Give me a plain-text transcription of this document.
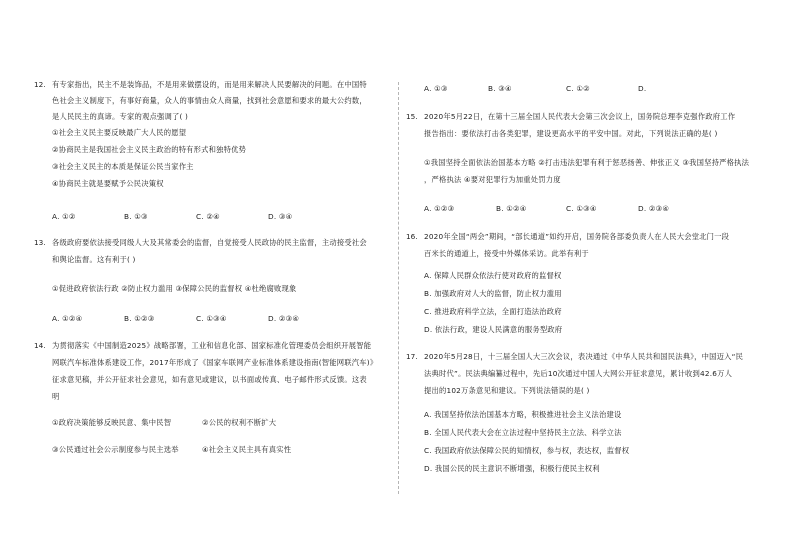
12. 有专家指出，民主不是装饰品，不是用来做摆设的，而是用来解决人民要解决的问题。在中国特
色社会主义制度下，有事好商量，众人的事情由众人商量，找到社会意愿和要求的最大公约数，
是人民民主的真谛。专家的观点强调了( )
①社会主义民主要反映最广大人民的愿望
②协商民主是我国社会主义民主政治的特有形式和独特优势
③社会主义民主的本质是保证公民当家作主
④协商民主就是要赋予公民决策权
A. ①②	B. ①③	C. ②④	D. ③④
13. 各级政府要依法接受同级人大及其常委会的监督，自觉接受人民政协的民主监督，主动接受社会
和舆论监督。这有利于( )
①促进政府依法行政 ②防止权力滥用 ③保障公民的监督权 ④杜绝腐败现象
A. ①②④	B. ①②③	C. ①③④	D. ②③④
14. 为贯彻落实《中国制造2025》战略部署，工业和信息化部、国家标准化管理委员会组织开展智能
网联汽车标准体系建设工作，2017年形成了《国家车联网产业标准体系建设指南(智能网联汽车)》
征求意见稿，并公开征求社会意见，如有意见或建议，以书面或传真、电子邮件形式反馈。这表
明
①政府决策能够反映民意、集中民智	②公民的权利不断扩大
③公民通过社会公示制度参与民主选举	④社会主义民主具有真实性
A. ①③	B. ③④	C. ①②	D.
15. 2020年5月22日，在第十三届全国人民代表大会第三次会议上，国务院总理李克强作政府工作
报告指出：要依法打击各类犯罪，建设更高水平的平安中国。对此，下列说法正确的是( )
①我国坚持全面依法治国基本方略 ②打击违法犯罪有利于惩恶扬善、伸张正义 ③我国坚持严格执法
，严格执法 ④要对犯罪行为加重处罚力度
A. ①②③	B. ①②④	C. ①③④	D. ②③④
16. 2020年全国“两会”期间，“部长通道”如约开启，国务院各部委负责人在人民大会堂北门一段
百米长的通道上，接受中外媒体采访。此举有利于
A. 保障人民群众依法行使对政府的监督权
B. 加强政府对人大的监督，防止权力滥用
C. 推进政府科学立法，全面打造法治政府
D. 依法行政，建设人民满意的服务型政府
17. 2020年5月28日，十三届全国人大三次会议，表决通过《中华人民共和国民法典》，中国迈入“民
法典时代”。民法典编纂过程中，先后10次通过中国人大网公开征求意见，累计收到42.6万人
提出的102万条意见和建议。下列说法错误的是( )
A. 我国坚持依法治国基本方略，积极推进社会主义法治建设
B. 全国人民代表大会在立法过程中坚持民主立法、科学立法
C. 我国政府依法保障公民的知情权，参与权，表达权，监督权
D. 我国公民的民主意识不断增强，积极行使民主权利
